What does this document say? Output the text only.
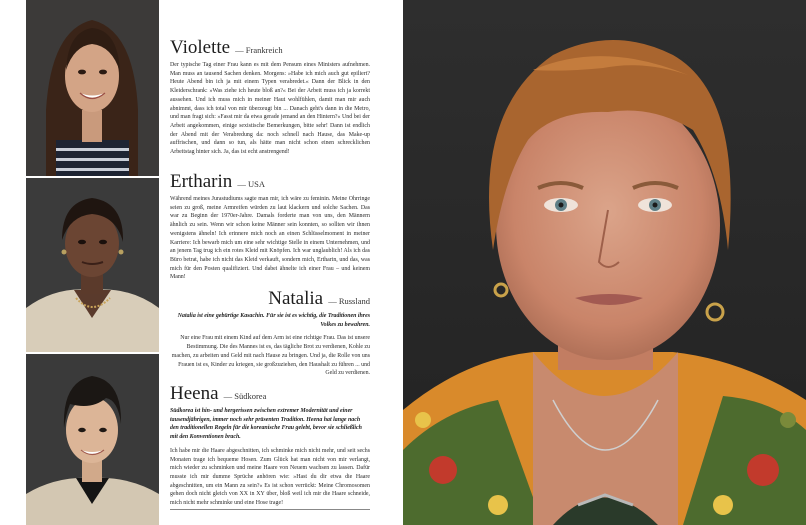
Violette — Frankreich

Der typische Tag einer Frau kann es mit dem Pensum eines Ministers aufnehmen. Man muss an tausend Sachen denken. Morgens: »Habe ich mich auch gut epiliert? Heute Abend bin ich ja mit einem Typen verabredet.« Dann der Blick in den Kleiderschrank: »Was ziehe ich heute bloß an?« Bei der Arbeit muss ich ja korrekt aussehen. Und ich muss mich in meiner Haut wohlfühlen, damit man mir auch abnimmt, dass ich total von mir überzeugt bin ... Danach geht's dann in die Metro, und man fragt sich: »Fasst mir da etwa gerade jemand an den Hintern?« Und bei der Arbeit angekommen, einige sexistische Bemerkungen, bitte sehr! Dann ist endlich der Abend mit der Verabredung da: noch schnell nach Hause, das Make-up auffrischen, und dann so tun, als hätte man nicht schon einen schrecklichen Arbeitstag hinter sich. Ja, das ist echt anstrengend!

Ertharin — USA

Während meines Jurastudiums sagte man mir, ich wäre zu feminin. Meine Ohrringe seien zu groß, meine Armreifen würden zu laut klackern und solche Sachen. Das war zu Beginn der 1970er-Jahre. Damals forderte man von uns, den Männern ähnlich zu sein. Wenn wir schon keine Männer sein konnten, so sollten wir ihnen wenigstens ähneln! Ich erinnere mich noch an einen Schlüsselmoment in meiner Karriere: Ich bewarb mich um eine sehr wichtige Stelle in einem Unternehmen, und an jenem Tag trug ich ein rotes Kleid mit Knöpfen. Ich war unglaublich! Als ich das Büro betrat, habe ich nicht das Kleid verkauft, sondern mich, Ertharin, und das, was mich für den Posten qualifiziert. Und dabei ähnelte ich einer Frau – und keinem Mann!

Natalia — Russland

Natalia ist eine gebürtige Kasachin. Für sie ist es wichtig, die Traditionen ihres Volkes zu bewahren.

Nur eine Frau mit einem Kind auf dem Arm ist eine richtige Frau. Das ist unsere Bestimmung. Die des Mannes ist es, das tägliche Brot zu verdienen, Kohle zu machen, zu arbeiten und Geld mit nach Hause zu bringen. Und ja, die Rolle von uns Frauen ist es, Kinder zu kriegen, sie großzuziehen, den Haushalt zu führen ... und Geld zu verdienen.

Heena — Südkorea

Südkorea ist hin- und hergerissen zwischen extremer Modernität und einer tausendjährigen, immer noch sehr präsenten Tradition. Heena hat lange nach den traditionellen Regeln für die koreanische Frau gelebt, bevor sie schließlich mit den Konventionen brach.

Ich habe mir die Haare abgeschnitten, ich schminke mich nicht mehr, und seit sechs Monaten trage ich bequeme Hosen. Zum Glück hat man nicht von mir verlangt, mich wieder zu schminken und meine Haare von Neuem wachsen zu lassen. Dafür musste ich mir dumme Sprüche anhören wie: »Hast du dir etwa die Haare abgeschnitten, um ein Mann zu sein?« Es ist schon verrückt: Meine Chromosomen gehen doch nicht gleich von XX in XY über, bloß weil ich mir die Haare schneide, mich nicht mehr schminke und eine Hose trage!
